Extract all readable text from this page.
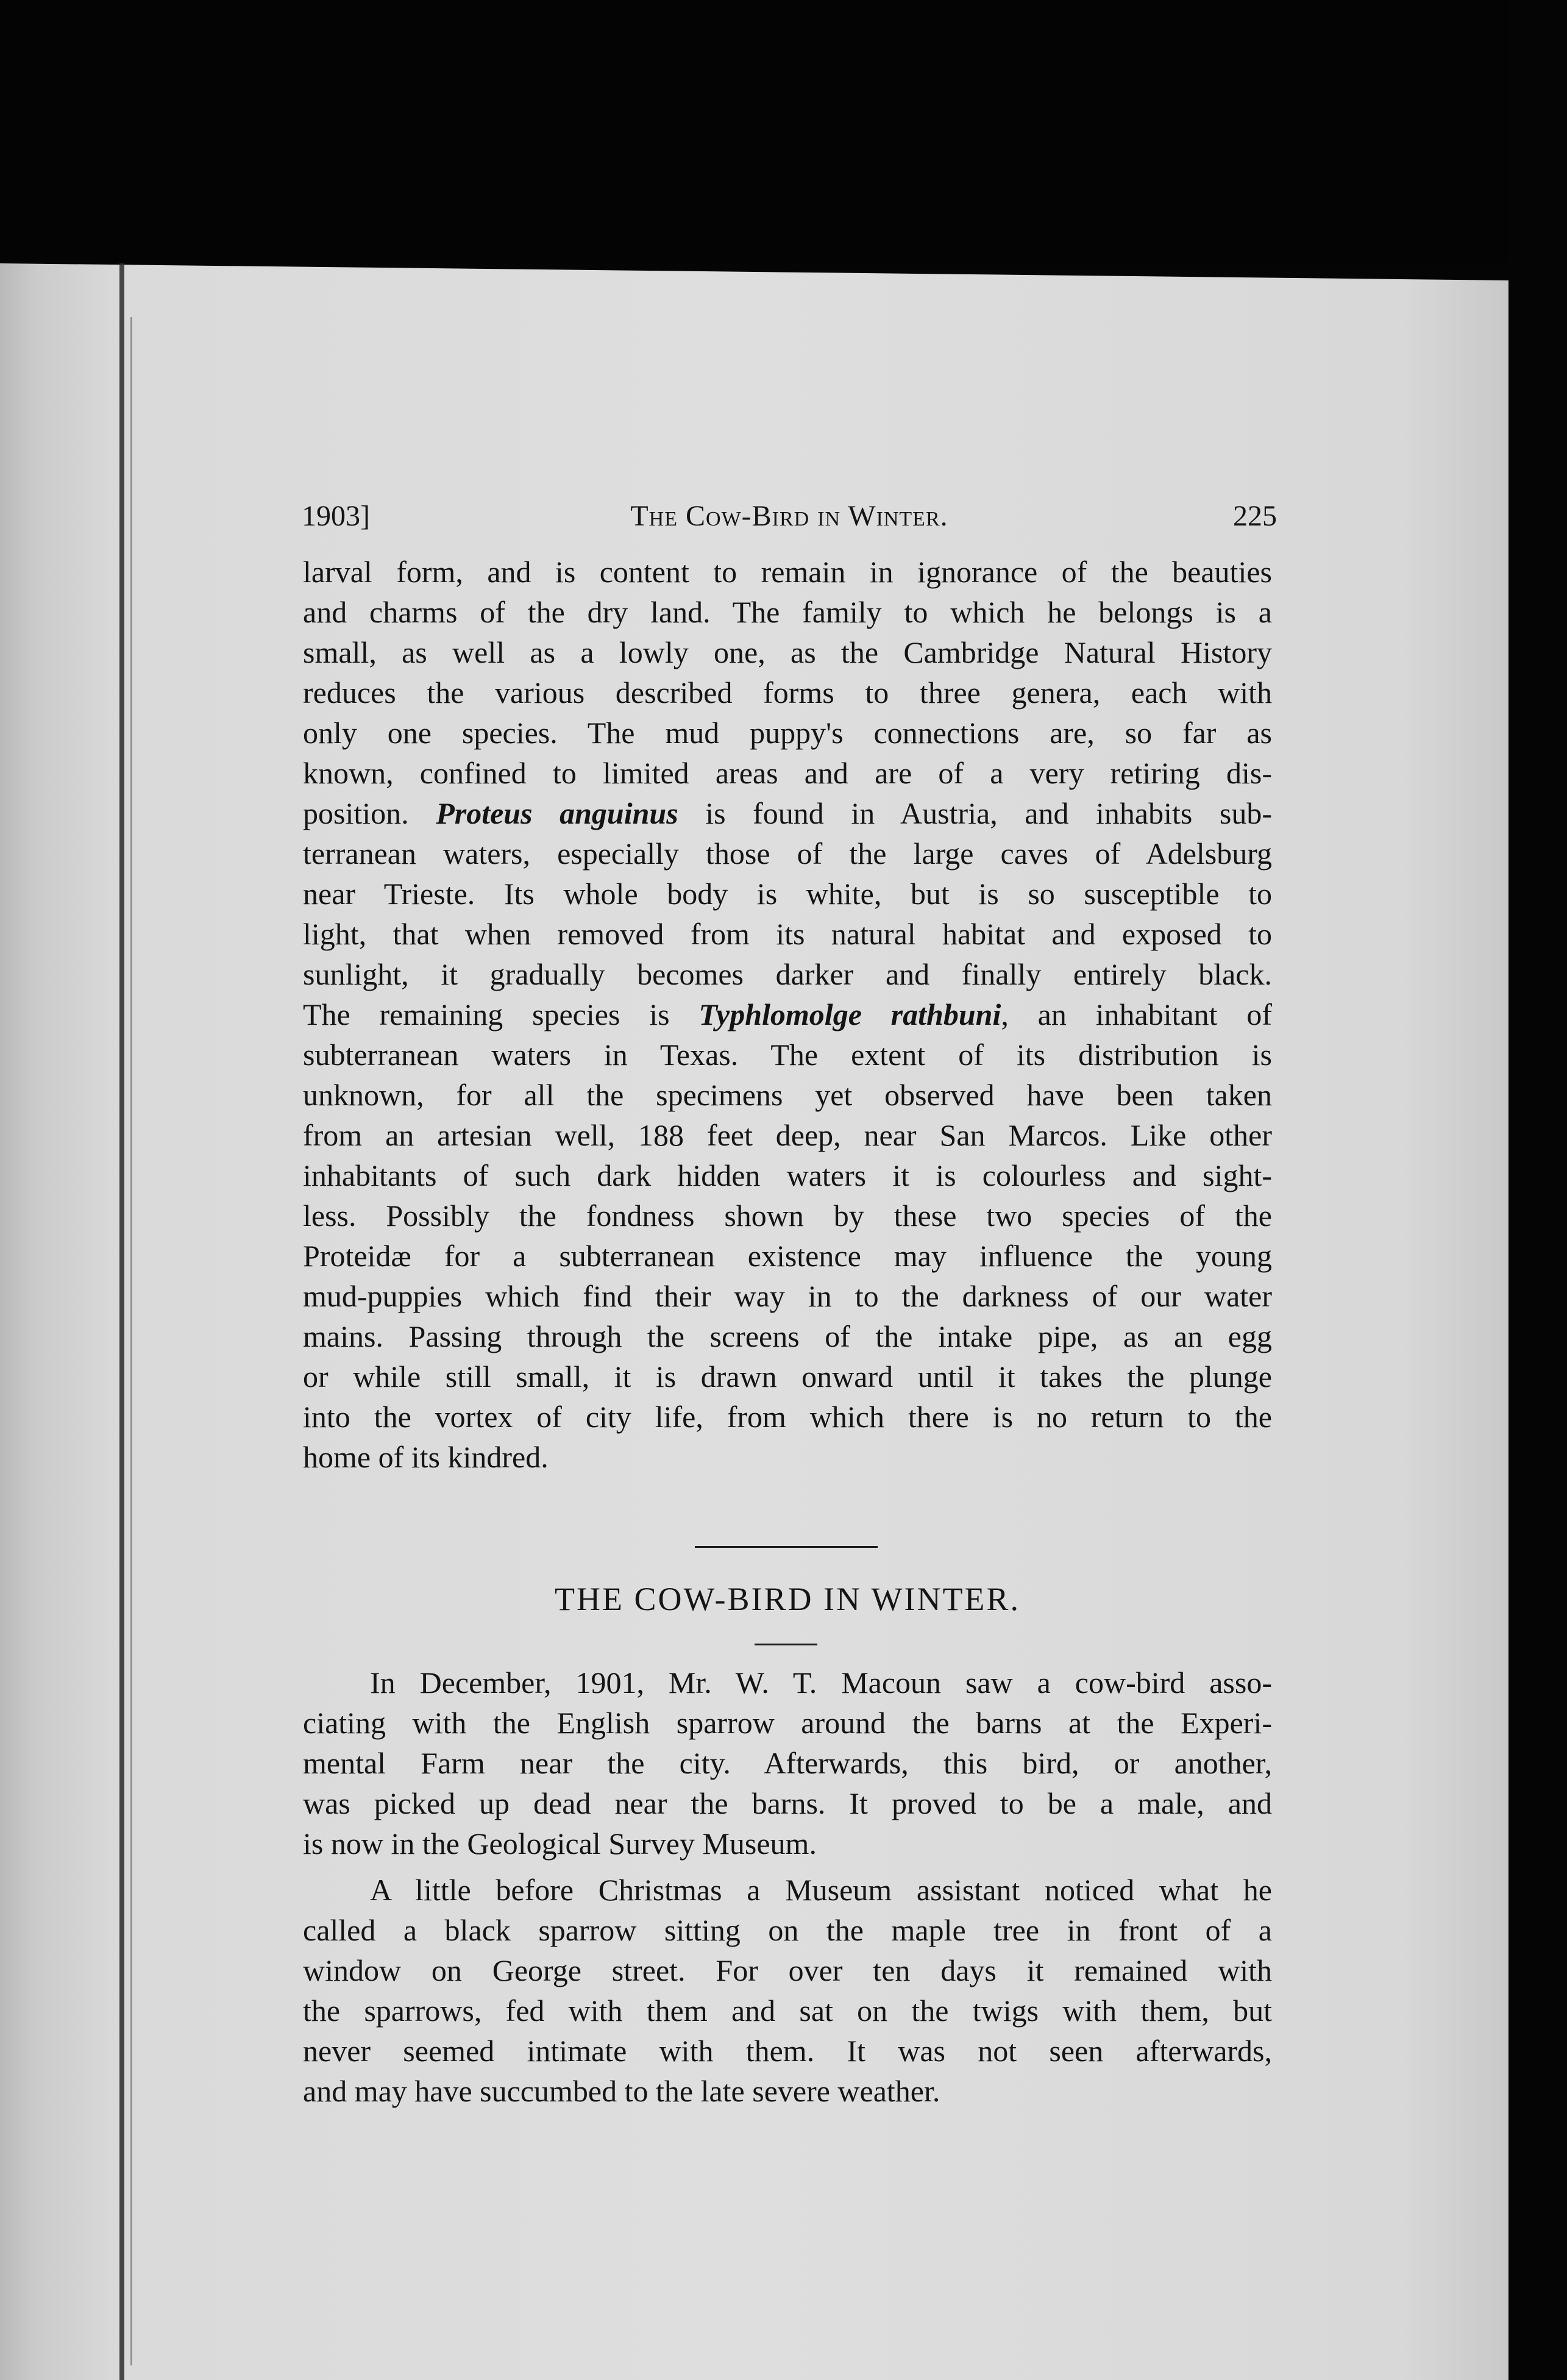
1903]	The Cow-Bird in Winter.	225
larval form, and is content to remain in ignorance of the beauties
and charms of the dry land. The family to which he belongs is a
small, as well as a lowly one, as the Cambridge Natural History
reduces the various described forms to three genera, each with
only one species. The mud puppy's connections are, so far as
known, confined to limited areas and are of a very retiring dis-
position. Proteus anguinus is found in Austria, and inhabits sub-
terranean waters, especially those of the large caves of Adelsburg
near Trieste. Its whole body is white, but is so susceptible to
light, that when removed from its natural habitat and exposed to
sunlight, it gradually becomes darker and finally entirely black.
The remaining species is Typhlomolge rathbuni, an inhabitant of
subterranean waters in Texas. The extent of its distribution is
unknown, for all the specimens yet observed have been taken
from an artesian well, 188 feet deep, near San Marcos. Like other
inhabitants of such dark hidden waters it is colourless and sight-
less. Possibly the fondness shown by these two species of the
Proteidæ for a subterranean existence may influence the young
mud-puppies which find their way in to the darkness of our water
mains. Passing through the screens of the intake pipe, as an egg
or while still small, it is drawn onward until it takes the plunge
into the vortex of city life, from which there is no return to the
home of its kindred.
THE COW-BIRD IN WINTER.
In December, 1901, Mr. W. T. Macoun saw a cow-bird asso-
ciating with the English sparrow around the barns at the Experi-
mental Farm near the city. Afterwards, this bird, or another,
was picked up dead near the barns. It proved to be a male, and
is now in the Geological Survey Museum.
A little before Christmas a Museum assistant noticed what he
called a black sparrow sitting on the maple tree in front of a
window on George street. For over ten days it remained with
the sparrows, fed with them and sat on the twigs with them, but
never seemed intimate with them. It was not seen afterwards,
and may have succumbed to the late severe weather.
